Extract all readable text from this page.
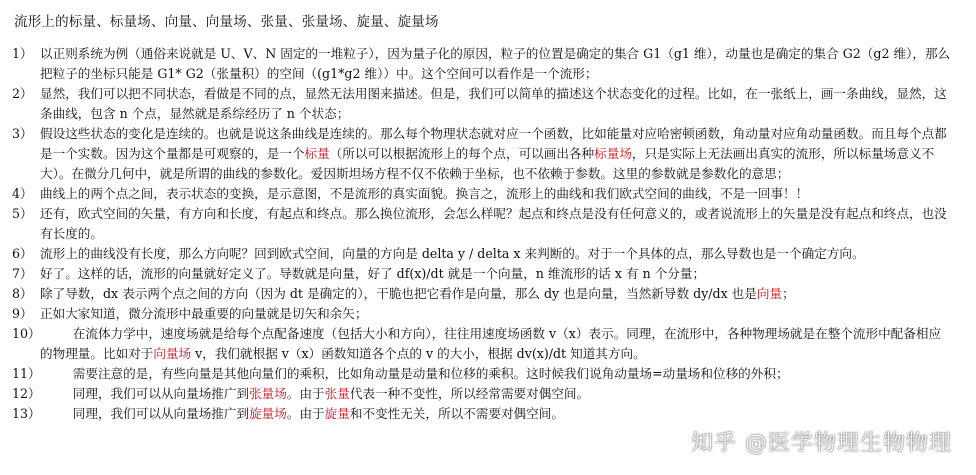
流形上的标量、标量场、向量、向量场、张量、张量场、旋量、旋量场
1） 以正则系统为例（通俗来说就是 U、V、N 固定的一堆粒子），因为量子化的原因，粒子的位置是确定的集合 G1（g1 维），动量也是确定的集合 G2（g2 维），那么把粒子的坐标只能是 G1* G2（张量积）的空间（(g1*g2 维））中。这个空间可以看作是一个流形；
2） 显然，我们可以把不同状态，看做是不同的点，显然无法用图来描述。但是，我们可以简单的描述这个状态变化的过程。比如，在一张纸上，画一条曲线，显然，这条曲线，包含 n 个点，显然就是系综经历了 n 个状态；
3） 假设这些状态的变化是连续的。也就是说这条曲线是连续的。那么每个物理状态就对应一个函数，比如能量对应哈密顿函数，角动量对应角动量函数。而且每个点都是一个实数。因为这个量都是可观察的，是一个标量（所以可以根据流形上的每个点，可以画出各种标量场，只是实际上无法画出真实的流形，所以标量场意义不大）。在微分几何中，就是所谓的曲线的参数化。爱因斯坦场方程不仅不依赖于坐标，也不依赖于参数。这里的参数就是参数化的意思；
4） 曲线上的两个点之间，表示状态的变换，是示意图，不是流形的真实面貌。换言之，流形上的曲线和我们欧式空间的曲线，不是一回事！！
5） 还有，欧式空间的矢量，有方向和长度，有起点和终点。那么换位流形，会怎么样呢？起点和终点是没有任何意义的，或者说流形上的矢量是没有起点和终点，也没有长度的。
6） 流形上的曲线没有长度，那么方向呢？回到欧式空间，向量的方向是 delta y / delta x 来判断的。对于一个具体的点，那么导数也是一个确定方向。
7） 好了。这样的话，流形的向量就好定义了。导数就是向量，好了 df(x)/dt 就是一个向量，n 维流形的话 x 有 n 个分量；
8） 除了导数，dx 表示两个点之间的方向（因为 dt 是确定的），干脆也把它看作是向量，那么 dy 也是向量，当然新导数 dy/dx 也是向量；
9） 正如大家知道，微分流形中最重要的向量就是切矢和余矢；
10）	在流体力学中，速度场就是给每个点配备速度（包括大小和方向），往往用速度场函数 v（x）表示。同理，在流形中，各种物理场就是在整个流形中配备相应的物理量。比如对于向量场 v，我们就根据 v（x）函数知道各个点的 v 的大小，根据 dv(x)/dt 知道其方向。
11）	需要注意的是，有些向量是其他向量们的乘积，比如角动量是动量和位移的乘积。这时候我们说角动量场=动量场和位移的外积；
12）	同理，我们可以从向量场推广到张量场。由于张量代表一种不变性，所以经常需要对偶空间。
13）	同理，我们可以从向量场推广到旋量场。由于旋量和不变性无关，所以不需要对偶空间。
知乎 @医学物理生物物理
